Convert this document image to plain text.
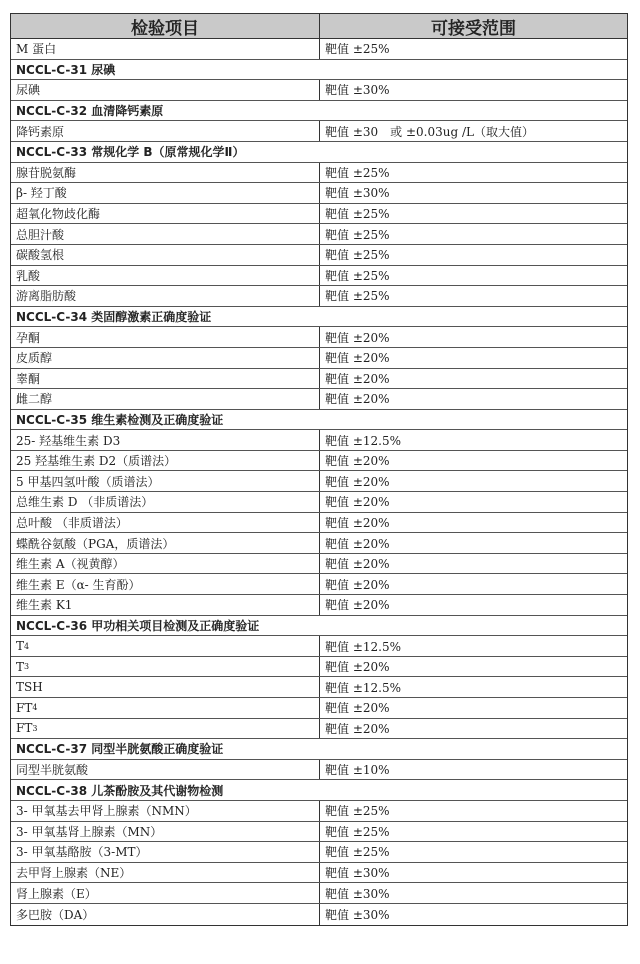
检验项目	可接受范围
M 蛋白	靶值 ±25%
NCCL-C-31 尿碘
尿碘	靶值 ±30%
NCCL-C-32 血清降钙素原
降钙素原	靶值 ±30　或 ±0.03ug /L（取大值）
NCCL-C-33 常规化学 B（原常规化学Ⅱ）
腺苷脱氨酶	靶值 ±25%
β- 羟丁酸	靶值 ±30%
超氧化物歧化酶	靶值 ±25%
总胆汁酸	靶值 ±25%
碳酸氢根	靶值 ±25%
乳酸	靶值 ±25%
游离脂肪酸	靶值 ±25%
NCCL-C-34 类固醇激素正确度验证
孕酮	靶值 ±20%
皮质醇	靶值 ±20%
睾酮	靶值 ±20%
雌二醇	靶值 ±20%
NCCL-C-35 维生素检测及正确度验证
25- 羟基维生素 D3	靶值 ±12.5%
25 羟基维生素 D2（质谱法）	靶值 ±20%
5 甲基四氢叶酸（质谱法）	靶值 ±20%
总维生素 D （非质谱法）	靶值 ±20%
总叶酸 （非质谱法）	靶值 ±20%
蝶酰谷氨酸（PGA，质谱法）	靶值 ±20%
维生素 A（视黄醇）	靶值 ±20%
维生素 E（α- 生育酚）	靶值 ±20%
维生素 K1	靶值 ±20%
NCCL-C-36 甲功相关项目检测及正确度验证
T 4	靶值 ±12.5%
T 3	靶值 ±20%
TSH	靶值 ±12.5%
FT 4	靶值 ±20%
FT 3	靶值 ±20%
NCCL-C-37 同型半胱氨酸正确度验证
同型半胱氨酸	靶值 ±10%
NCCL-C-38 儿茶酚胺及其代谢物检测
3- 甲氧基去甲肾上腺素（NMN）	靶值 ±25%
3- 甲氧基肾上腺素（MN）	靶值 ±25%
3- 甲氧基酪胺（3-MT）	靶值 ±25%
去甲肾上腺素（NE）	靶值 ±30%
肾上腺素（E）	靶值 ±30%
多巴胺（DA）	靶值 ±30%
